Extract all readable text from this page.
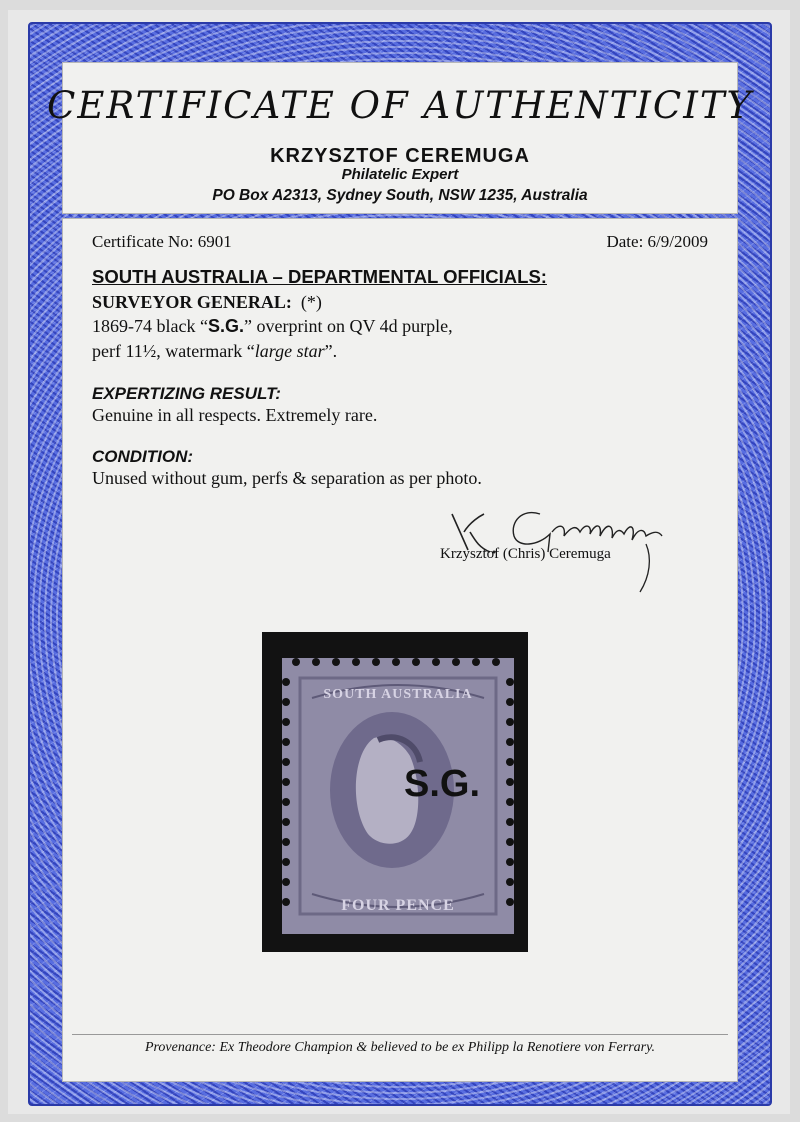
CERTIFICATE OF AUTHENTICITY
KRZYSZTOF CEREMUGA
Philatelic Expert
PO Box A2313, Sydney South, NSW 1235, Australia
Certificate No: 6901	Date: 6/9/2009
SOUTH AUSTRALIA – DEPARTMENTAL OFFICIALS:
SURVEYOR GENERAL: (*)
1869-74 black “S.G.” overprint on QV 4d purple,
perf 11½, watermark “large star”.
EXPERTIZING RESULT:
Genuine in all respects. Extremely rare.
CONDITION:
Unused without gum, perfs & separation as per photo.
Krzysztof (Chris) Ceremuga
SOUTH AUSTRALIA
FOUR PENCE
S.G.
Provenance: Ex Theodore Champion & believed to be ex Philipp la Renotiere von Ferrary.
